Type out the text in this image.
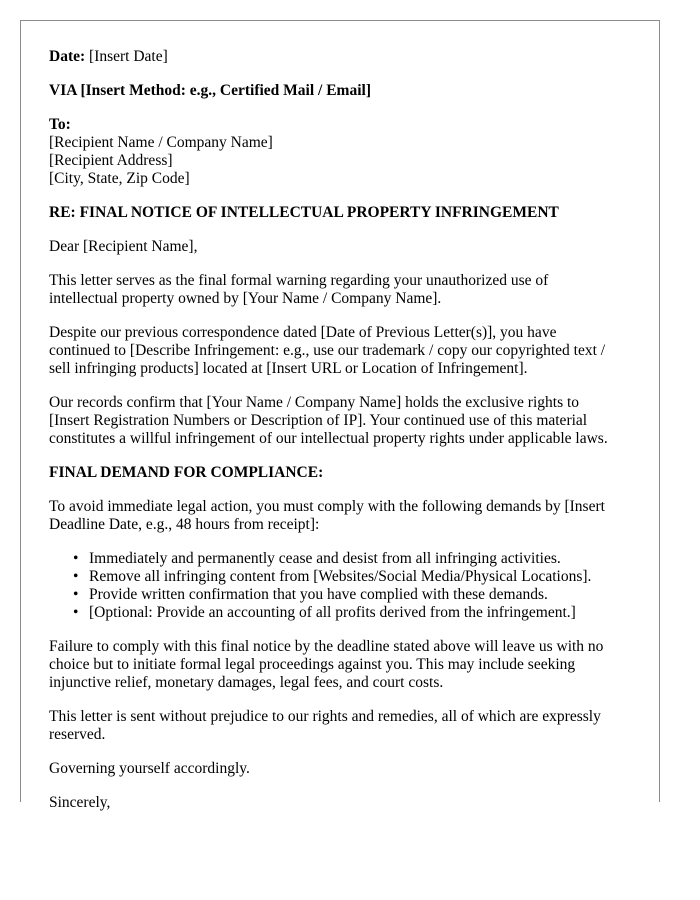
Date: [Insert Date]

VIA [Insert Method: e.g., Certified Mail / Email]

To:
[Recipient Name / Company Name]
[Recipient Address]
[City, State, Zip Code]

RE: FINAL NOTICE OF INTELLECTUAL PROPERTY INFRINGEMENT

Dear [Recipient Name],

This letter serves as the final formal warning regarding your unauthorized use of
intellectual property owned by [Your Name / Company Name].

Despite our previous correspondence dated [Date of Previous Letter(s)], you have
continued to [Describe Infringement: e.g., use our trademark / copy our copyrighted text /
sell infringing products] located at [Insert URL or Location of Infringement].

Our records confirm that [Your Name / Company Name] holds the exclusive rights to
[Insert Registration Numbers or Description of IP]. Your continued use of this material
constitutes a willful infringement of our intellectual property rights under applicable laws.

FINAL DEMAND FOR COMPLIANCE:

To avoid immediate legal action, you must comply with the following demands by [Insert
Deadline Date, e.g., 48 hours from receipt]:

• Immediately and permanently cease and desist from all infringing activities.
• Remove all infringing content from [Websites/Social Media/Physical Locations].
• Provide written confirmation that you have complied with these demands.
• [Optional: Provide an accounting of all profits derived from the infringement.]

Failure to comply with this final notice by the deadline stated above will leave us with no
choice but to initiate formal legal proceedings against you. This may include seeking
injunctive relief, monetary damages, legal fees, and court costs.

This letter is sent without prejudice to our rights and remedies, all of which are expressly
reserved.

Governing yourself accordingly.

Sincerely,
